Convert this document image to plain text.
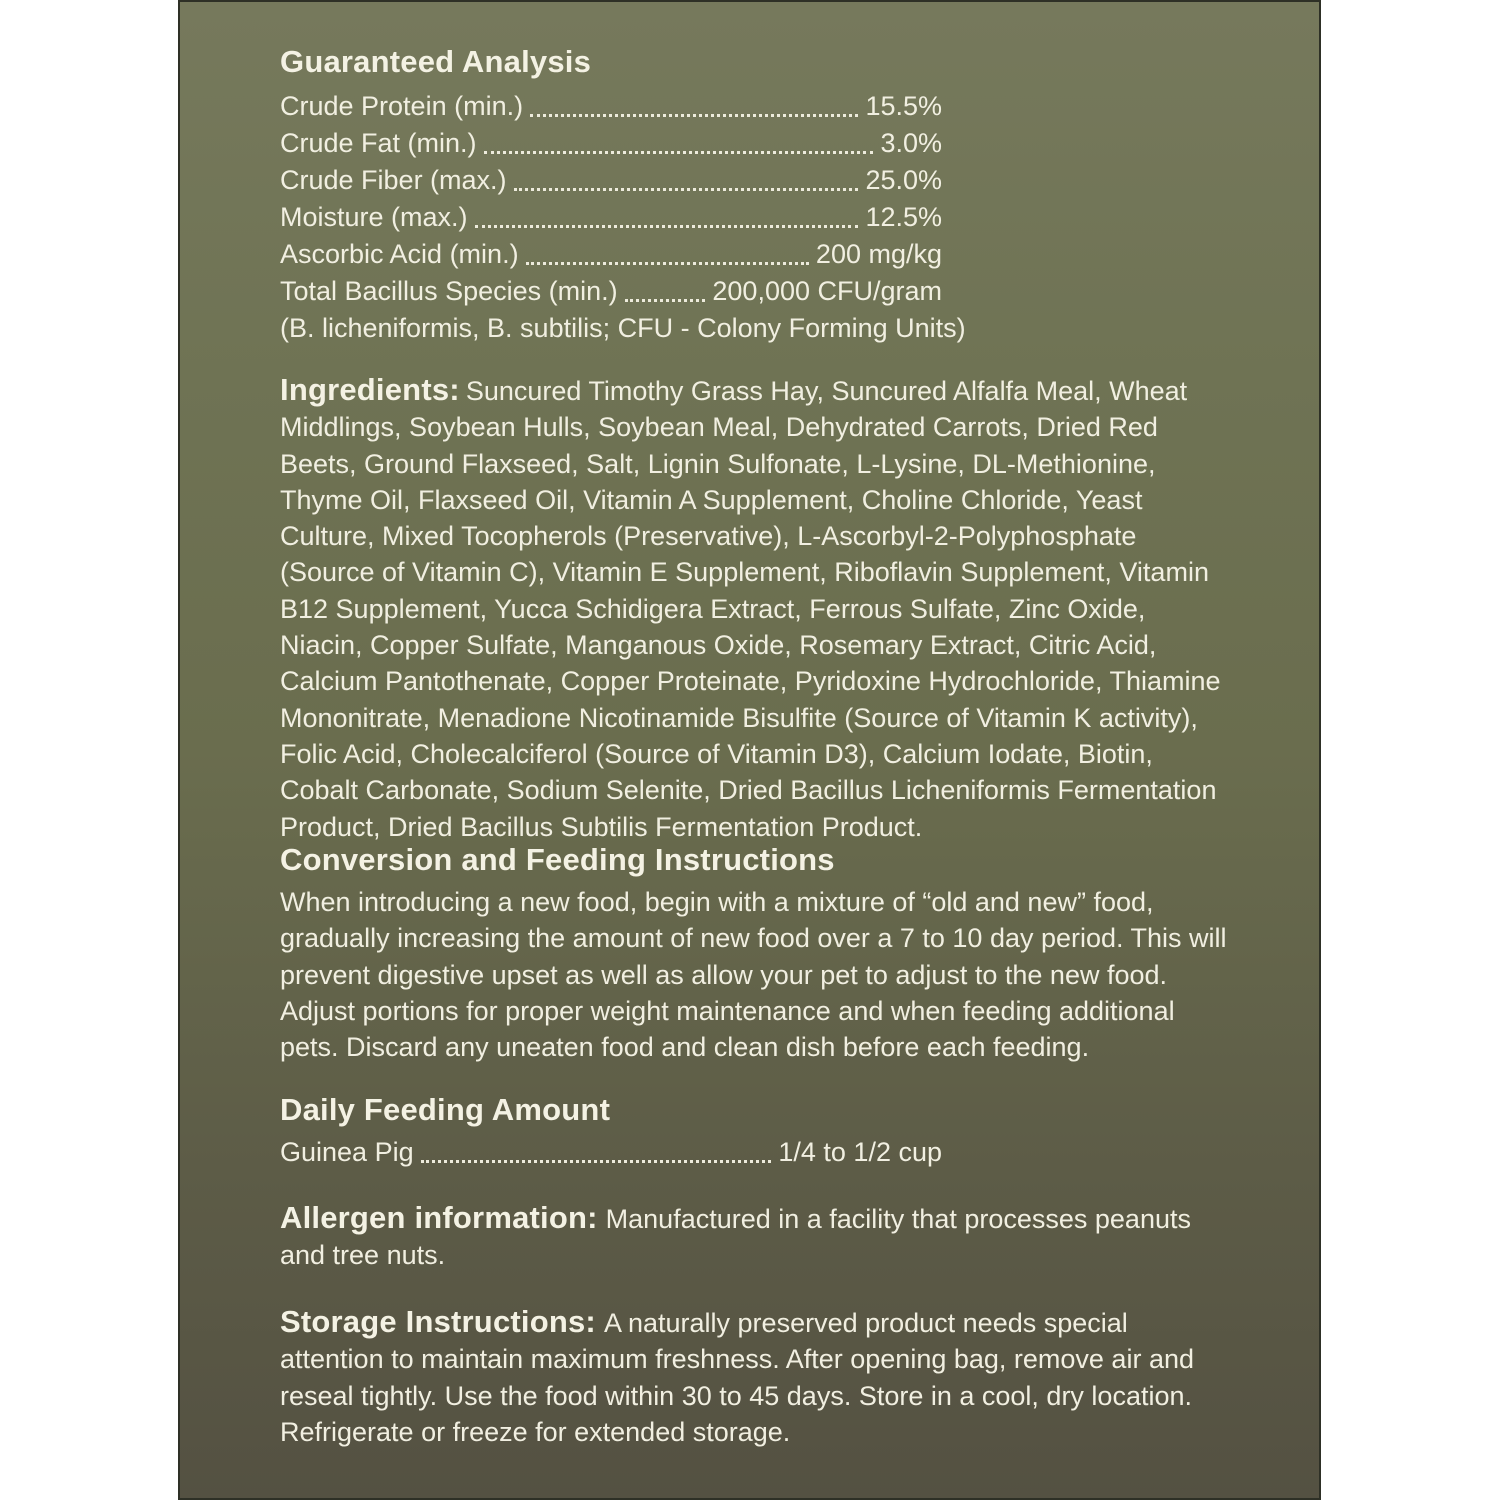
Guaranteed Analysis
Crude Protein (min.)	15.5%
Crude Fat (min.)	3.0%
Crude Fiber (max.)	25.0%
Moisture (max.)	12.5%
Ascorbic Acid (min.)	200 mg/kg
Total Bacillus Species (min.)	200,000 CFU/gram
(B. licheniformis, B. subtilis; CFU - Colony Forming Units)

Ingredients: Suncured Timothy Grass Hay, Suncured Alfalfa Meal, Wheat Middlings, Soybean Hulls, Soybean Meal, Dehydrated Carrots, Dried Red Beets, Ground Flaxseed, Salt, Lignin Sulfonate, L-Lysine, DL-Methionine, Thyme Oil, Flaxseed Oil, Vitamin A Supplement, Choline Chloride, Yeast Culture, Mixed Tocopherols (Preservative), L-Ascorbyl-2-Polyphosphate (Source of Vitamin C), Vitamin E Supplement, Riboflavin Supplement, Vitamin B12 Supplement, Yucca Schidigera Extract, Ferrous Sulfate, Zinc Oxide, Niacin, Copper Sulfate, Manganous Oxide, Rosemary Extract, Citric Acid, Calcium Pantothenate, Copper Proteinate, Pyridoxine Hydrochloride, Thiamine Mononitrate, Menadione Nicotinamide Bisulfite (Source of Vitamin K activity), Folic Acid, Cholecalciferol (Source of Vitamin D3), Calcium Iodate, Biotin, Cobalt Carbonate, Sodium Selenite, Dried Bacillus Licheniformis Fermentation Product, Dried Bacillus Subtilis Fermentation Product.

Conversion and Feeding Instructions

When introducing a new food, begin with a mixture of “old and new” food, gradually increasing the amount of new food over a 7 to 10 day period. This will prevent digestive upset as well as allow your pet to adjust to the new food. Adjust portions for proper weight maintenance and when feeding additional pets. Discard any uneaten food and clean dish before each feeding.

Daily Feeding Amount
Guinea Pig	1/4 to 1/2 cup

Allergen information: Manufactured in a facility that processes peanuts and tree nuts.

Storage Instructions: A naturally preserved product needs special attention to maintain maximum freshness. After opening bag, remove air and reseal tightly. Use the food within 30 to 45 days. Store in a cool, dry location. Refrigerate or freeze for extended storage.
